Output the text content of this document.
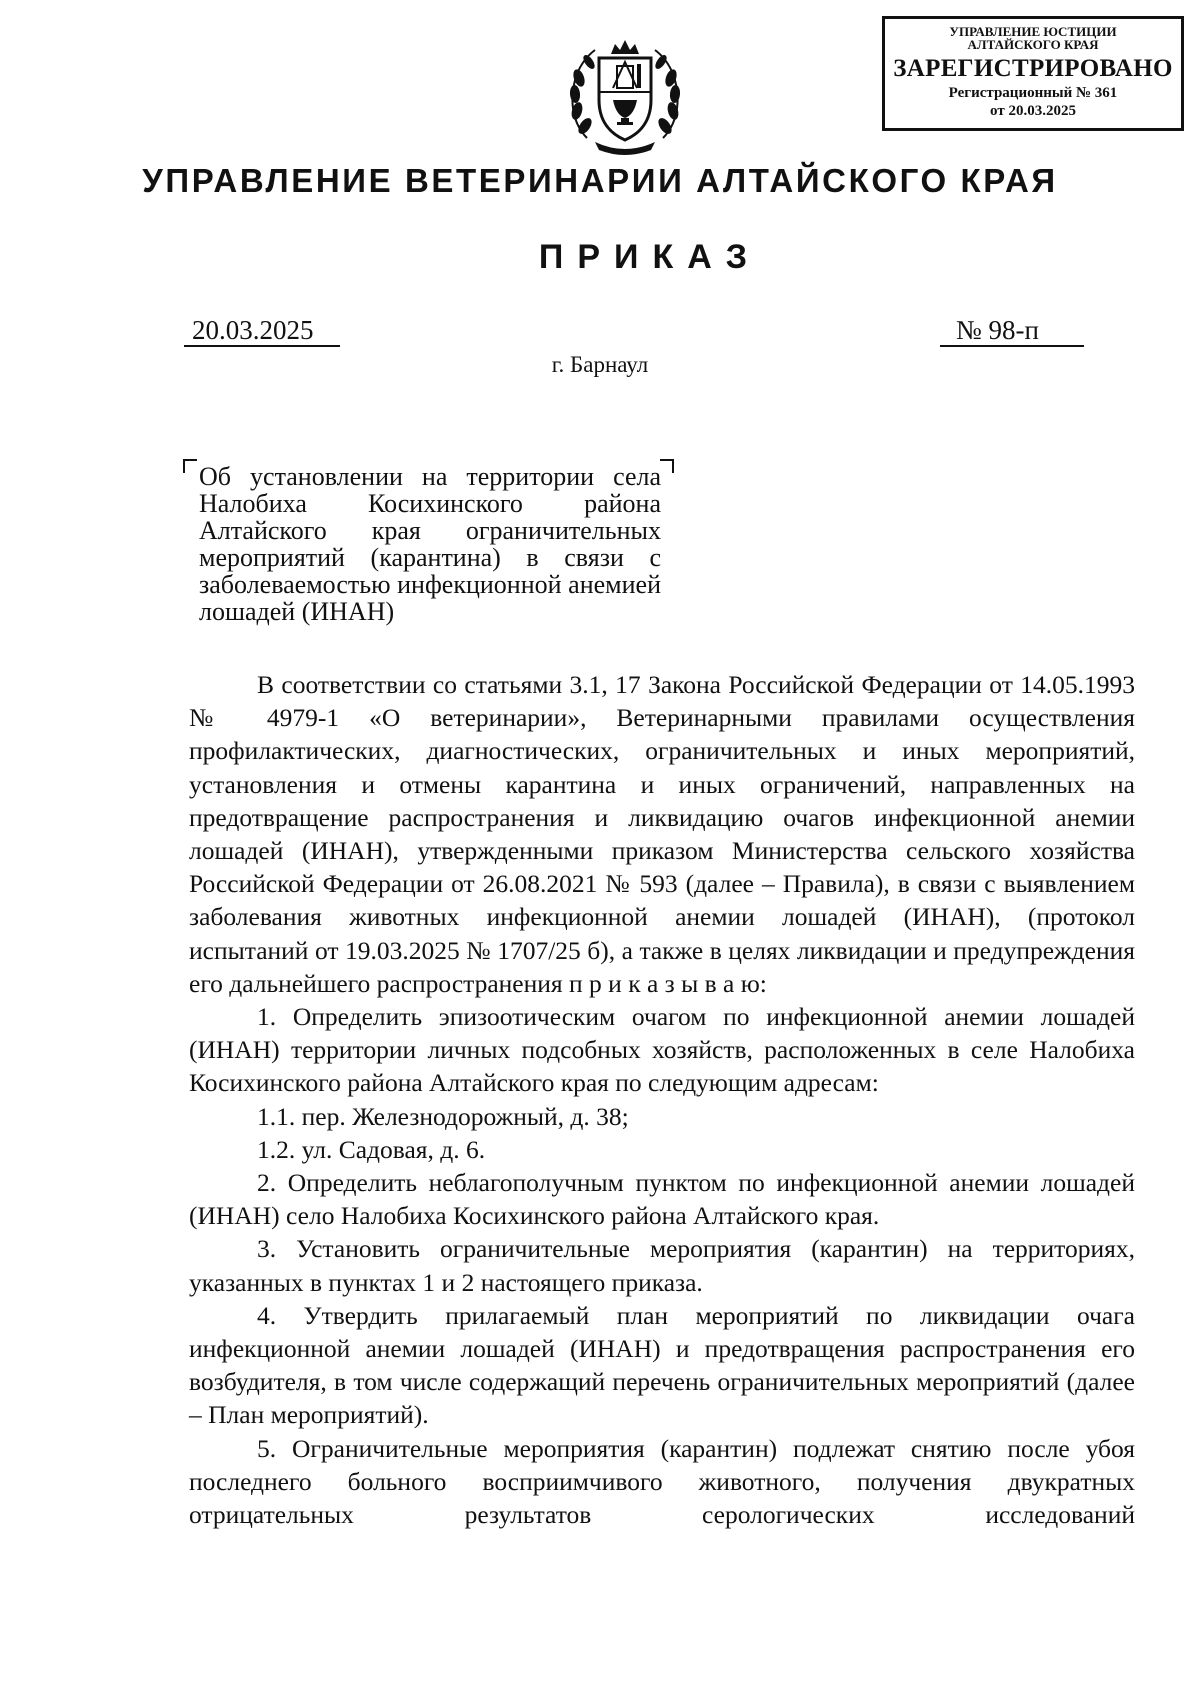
УПРАВЛЕНИЕ ЮСТИЦИИ
АЛТАЙСКОГО КРАЯ
ЗАРЕГИСТРИРОВАНО
Регистрационный № 361
от 20.03.2025
УПРАВЛЕНИЕ ВЕТЕРИНАРИИ АЛТАЙСКОГО КРАЯ
ПРИКАЗ
20.03.2025	№ 98-п
г. Барнаул
Об установлении на территории села Налобиха Косихинского района Алтайского края ограничительных мероприятий (карантина) в связи с заболеваемостью инфекционной анемией лошадей (ИНАН)

В соответствии со статьями 3.1, 17 Закона Российской Федерации от 14.05.1993 № 4979-1 «О ветеринарии», Ветеринарными правилами осуществления профилактических, диагностических, ограничительных и иных мероприятий, установления и отмены карантина и иных ограничений, направленных на предотвращение распространения и ликвидацию очагов инфекционной анемии лошадей (ИНАН), утвержденными приказом Министерства сельского хозяйства Российской Федерации от 26.08.2021 № 593 (далее – Правила), в связи с выявлением заболевания животных инфекционной анемии лошадей (ИНАН), (протокол испытаний от 19.03.2025 № 1707/25 б), а также в целях ликвидации и предупреждения его дальнейшего распространения п р и к а з ы в а ю:

1. Определить эпизоотическим очагом по инфекционной анемии лошадей (ИНАН) территории личных подсобных хозяйств, расположенных в селе Налобиха Косихинского района Алтайского края по следующим адресам:

1.1. пер. Железнодорожный, д. 38;

1.2. ул. Садовая, д. 6.

2. Определить неблагополучным пунктом по инфекционной анемии лошадей (ИНАН) село Налобиха Косихинского района Алтайского края.

3. Установить ограничительные мероприятия (карантин) на территориях, указанных в пунктах 1 и 2 настоящего приказа.

4. Утвердить прилагаемый план мероприятий по ликвидации очага инфекционной анемии лошадей (ИНАН) и предотвращения распространения его возбудителя, в том числе содержащий перечень ограничительных мероприятий (далее – План мероприятий).

5. Ограничительные мероприятия (карантин) подлежат снятию после убоя последнего больного восприимчивого животного, получения двукратных отрицательных результатов серологических исследований
